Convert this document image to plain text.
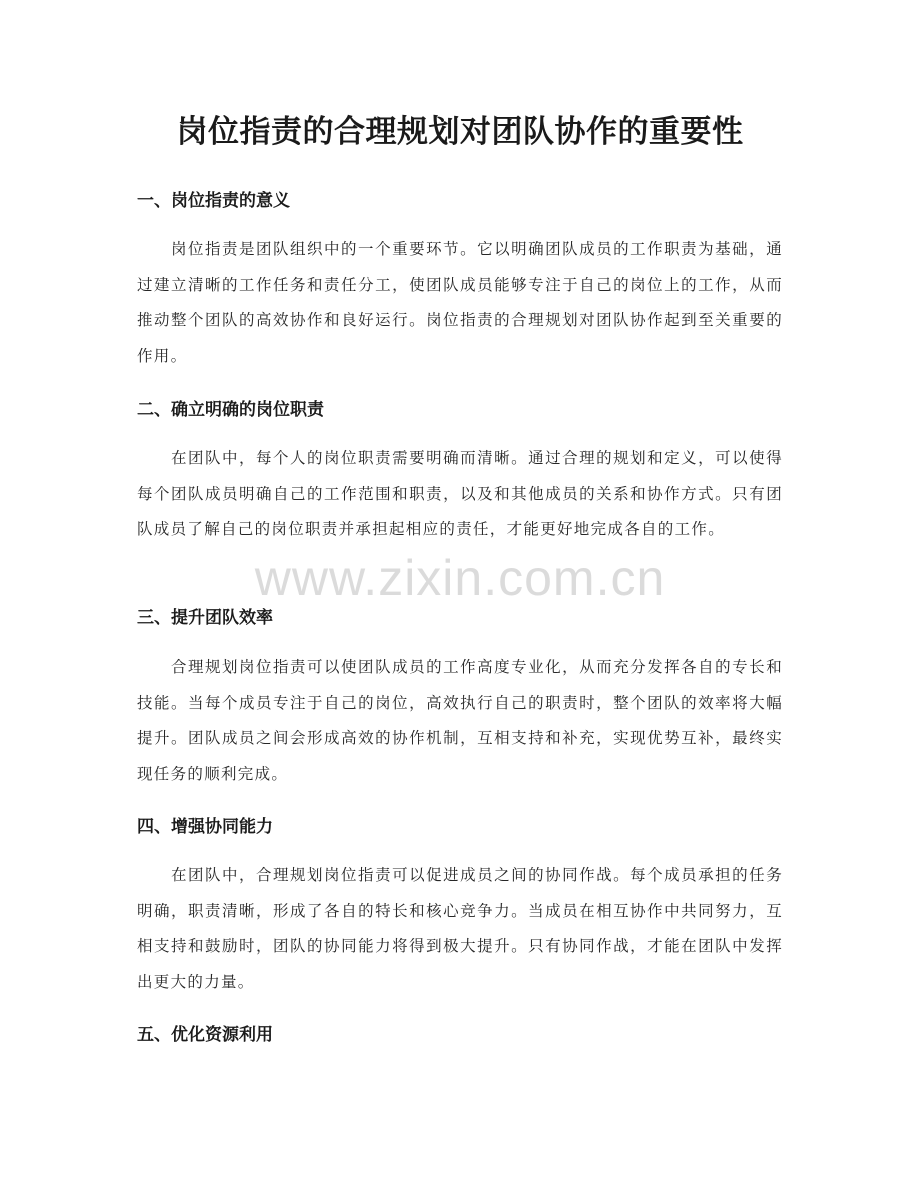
岗位指责的合理规划对团队协作的重要性
一、岗位指责的意义

岗位指责是团队组织中的一个重要环节。它以明确团队成员的工作职责为基础，通过建立清晰的工作任务和责任分工，使团队成员能够专注于自己的岗位上的工作，从而推动整个团队的高效协作和良好运行。岗位指责的合理规划对团队协作起到至关重要的作用。

二、确立明确的岗位职责

在团队中，每个人的岗位职责需要明确而清晰。通过合理的规划和定义，可以使得每个团队成员明确自己的工作范围和职责，以及和其他成员的关系和协作方式。只有团队成员了解自己的岗位职责并承担起相应的责任，才能更好地完成各自的工作。

三、提升团队效率

合理规划岗位指责可以使团队成员的工作高度专业化，从而充分发挥各自的专长和技能。当每个成员专注于自己的岗位，高效执行自己的职责时，整个团队的效率将大幅提升。团队成员之间会形成高效的协作机制，互相支持和补充，实现优势互补，最终实现任务的顺利完成。

四、增强协同能力

在团队中，合理规划岗位指责可以促进成员之间的协同作战。每个成员承担的任务明确，职责清晰，形成了各自的特长和核心竞争力。当成员在相互协作中共同努力，互相支持和鼓励时，团队的协同能力将得到极大提升。只有协同作战，才能在团队中发挥出更大的力量。

五、优化资源利用
www.zixin.com.cn
